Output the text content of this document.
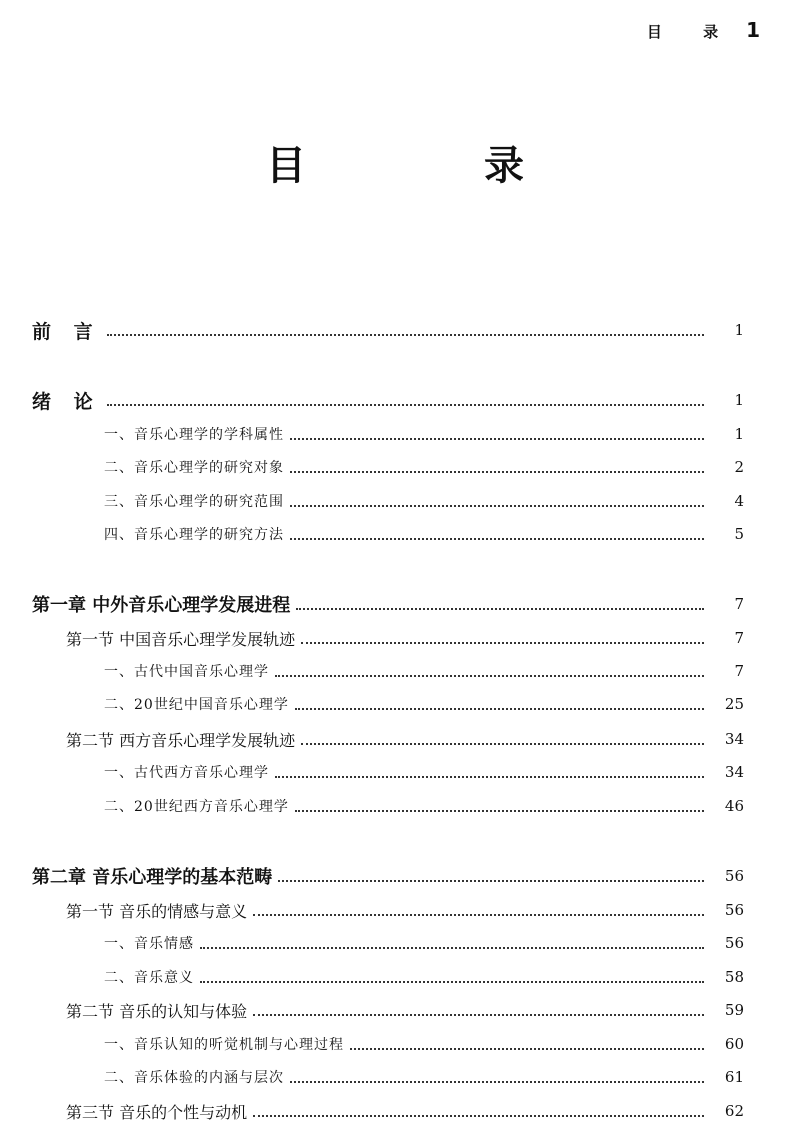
目 录 1
目 录
前 言	1
绪 论	1
一、音乐心理学的学科属性	1
二、音乐心理学的研究对象	2
三、音乐心理学的研究范围	4
四、音乐心理学的研究方法	5
第一章 中外音乐心理学发展进程	7
第一节 中国音乐心理学发展轨迹	7
一、古代中国音乐心理学	7
二、20世纪中国音乐心理学	25
第二节 西方音乐心理学发展轨迹	34
一、古代西方音乐心理学	34
二、20世纪西方音乐心理学	46
第二章 音乐心理学的基本范畴	56
第一节 音乐的情感与意义	56
一、音乐情感	56
二、音乐意义	58
第二节 音乐的认知与体验	59
一、音乐认知的听觉机制与心理过程	60
二、音乐体验的内涵与层次	61
第三节 音乐的个性与动机	62
